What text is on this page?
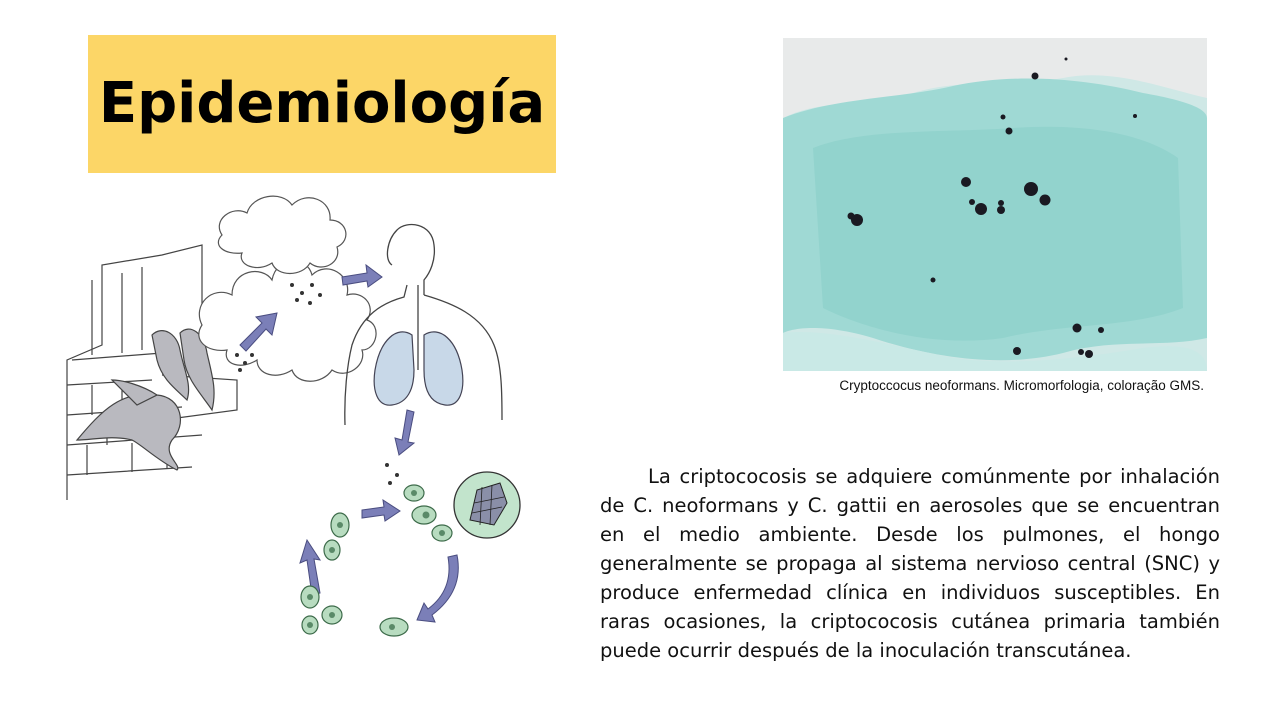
Epidemiología
Cryptoccocus neoformans. Micromorfologia, coloração GMS.

La criptococosis se adquiere comúnmente por inhalación de C. neoformans y C. gattii en aerosoles que se encuentran en el medio ambiente. Desde los pulmones, el hongo generalmente se propaga al sistema nervioso central (SNC) y produce enfermedad clínica en individuos susceptibles. En raras ocasiones, la criptococosis cutánea primaria también puede ocurrir después de la inoculación transcutánea.
